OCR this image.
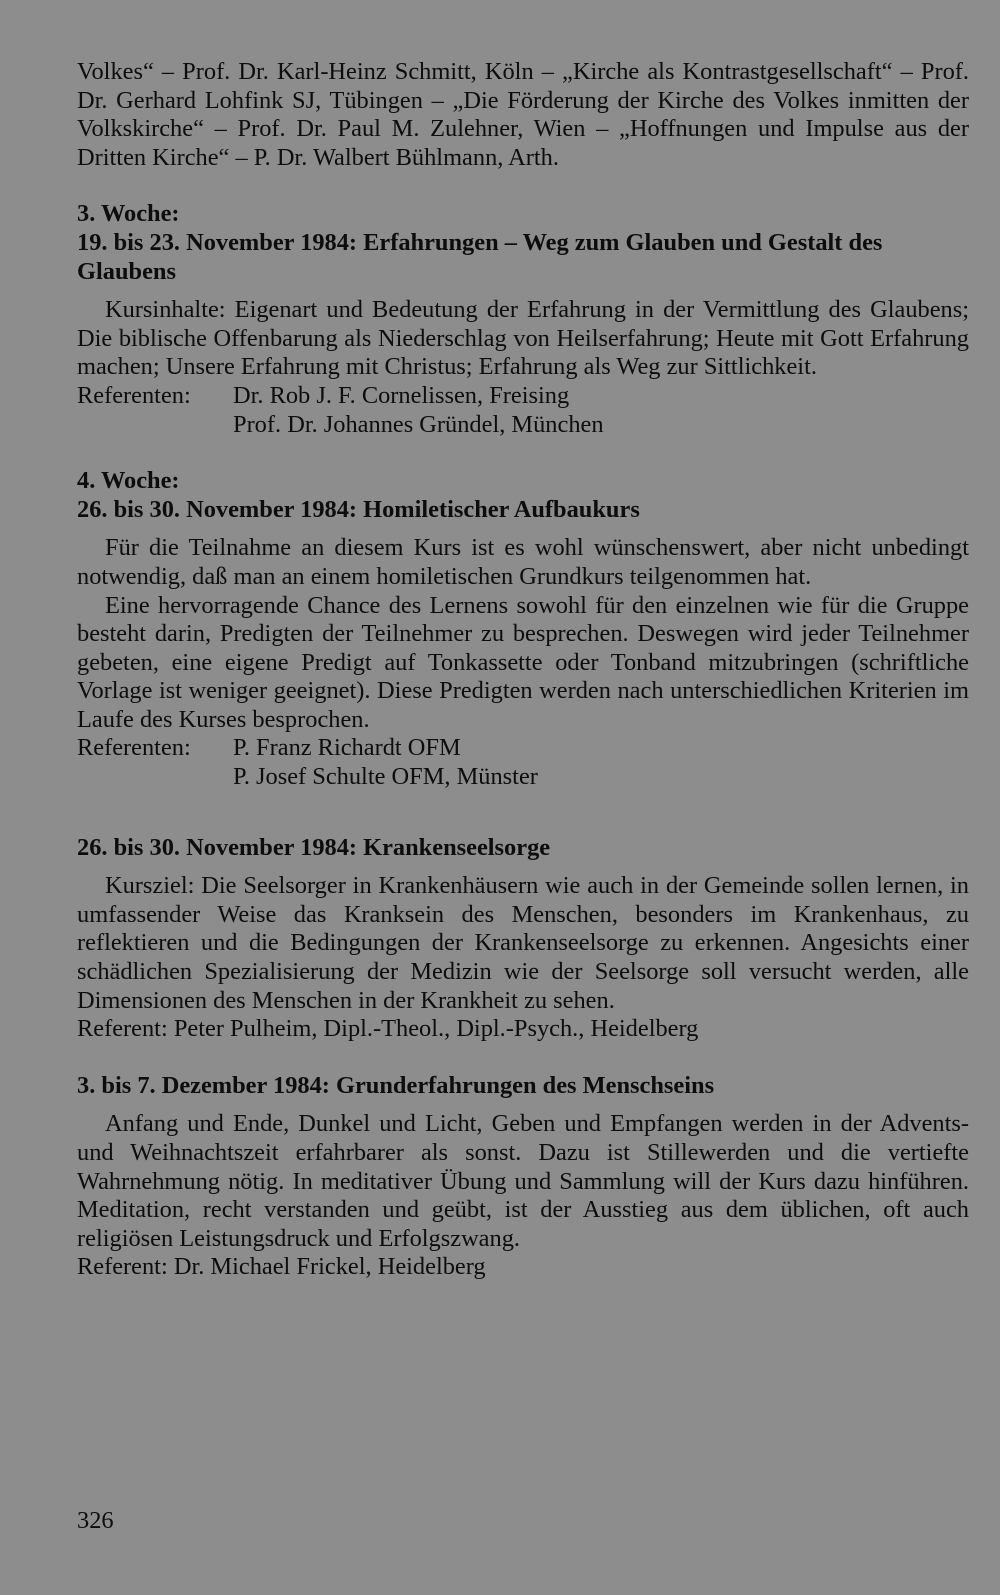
Volkes“ – Prof. Dr. Karl-Heinz Schmitt, Köln – „Kirche als Kontrastgesellschaft“ – Prof. Dr. Gerhard Lohfink SJ, Tübingen – „Die Förderung der Kirche des Volkes inmitten der Volkskirche“ – Prof. Dr. Paul M. Zulehner, Wien – „Hoffnungen und Impulse aus der Dritten Kirche“ – P. Dr. Walbert Bühlmann, Arth.

3. Woche:

19. bis 23. November 1984: Erfahrungen – Weg zum Glauben und Gestalt des Glaubens

Kursinhalte: Eigenart und Bedeutung der Erfahrung in der Vermittlung des Glaubens; Die biblische Offenbarung als Niederschlag von Heilserfahrung; Heute mit Gott Erfahrung machen; Unsere Erfahrung mit Christus; Erfahrung als Weg zur Sittlichkeit.

Referenten:	Dr. Rob J. F. Cornelissen, Freising
Prof. Dr. Johannes Gründel, München

4. Woche:

26. bis 30. November 1984: Homiletischer Aufbaukurs

Für die Teilnahme an diesem Kurs ist es wohl wünschenswert, aber nicht unbedingt notwendig, daß man an einem homiletischen Grundkurs teilgenommen hat.

Eine hervorragende Chance des Lernens sowohl für den einzelnen wie für die Gruppe besteht darin, Predigten der Teilnehmer zu besprechen. Deswegen wird jeder Teilnehmer gebeten, eine eigene Predigt auf Tonkassette oder Tonband mitzubringen (schriftliche Vorlage ist weniger geeignet). Diese Predigten werden nach unterschiedlichen Kriterien im Laufe des Kurses besprochen.

Referenten:	P. Franz Richardt OFM
P. Josef Schulte OFM, Münster

26. bis 30. November 1984: Krankenseelsorge

Kursziel: Die Seelsorger in Krankenhäusern wie auch in der Gemeinde sollen lernen, in umfassender Weise das Kranksein des Menschen, besonders im Krankenhaus, zu reflektieren und die Bedingungen der Krankenseelsorge zu erkennen. Angesichts einer schädlichen Spezialisierung der Medizin wie der Seelsorge soll versucht werden, alle Dimensionen des Menschen in der Krankheit zu sehen.

Referent: Peter Pulheim, Dipl.-Theol., Dipl.-Psych., Heidelberg

3. bis 7. Dezember 1984: Grunderfahrungen des Menschseins

Anfang und Ende, Dunkel und Licht, Geben und Empfangen werden in der Advents- und Weihnachtszeit erfahrbarer als sonst. Dazu ist Stillewerden und die vertiefte Wahrnehmung nötig. In meditativer Übung und Sammlung will der Kurs dazu hinführen. Meditation, recht verstanden und geübt, ist der Ausstieg aus dem üblichen, oft auch religiösen Leistungsdruck und Erfolgszwang.

Referent: Dr. Michael Frickel, Heidelberg

326
